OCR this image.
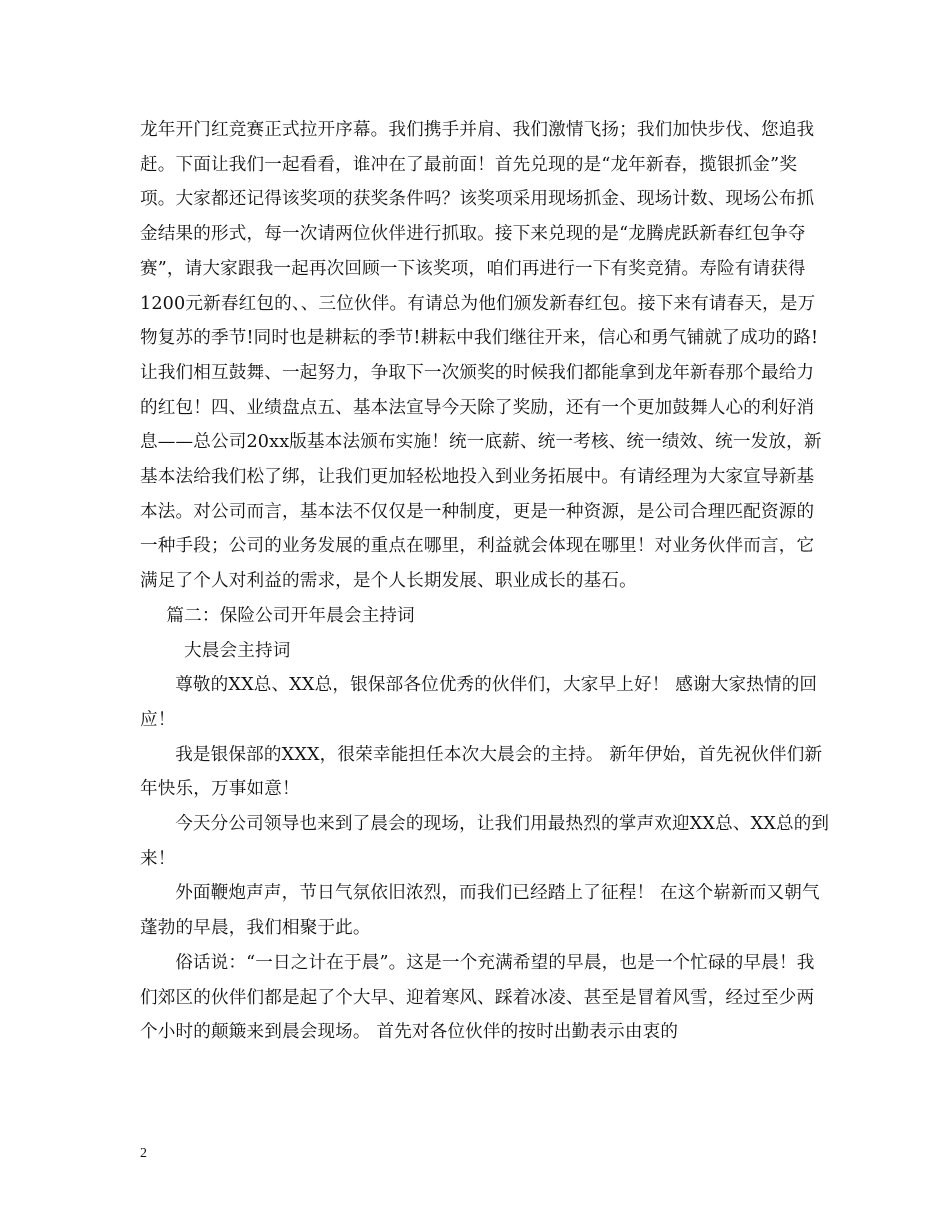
龙年开门红竞赛正式拉开序幕。我们携手并肩、我们激情飞扬；我们加快步伐、您追我赶。下面让我们一起看看，谁冲在了最前面！首先兑现的是“龙年新春，揽银抓金”奖项。大家都还记得该奖项的获奖条件吗？该奖项采用现场抓金、现场计数、现场公布抓金结果的形式，每一次请两位伙伴进行抓取。接下来兑现的是“龙腾虎跃新春红包争夺赛”，请大家跟我一起再次回顾一下该奖项，咱们再进行一下有奖竞猜。寿险有请获得1200元新春红包的、、三位伙伴。有请总为他们颁发新春红包。接下来有请春天，是万物复苏的季节!同时也是耕耘的季节!耕耘中我们继往开来，信心和勇气铺就了成功的路!让我们相互鼓舞、一起努力，争取下一次颁奖的时候我们都能拿到龙年新春那个最给力的红包！四、业绩盘点五、基本法宣导今天除了奖励，还有一个更加鼓舞人心的利好消息——总公司20xx版基本法颁布实施！统一底薪、统一考核、统一绩效、统一发放，新基本法给我们松了绑，让我们更加轻松地投入到业务拓展中。有请经理为大家宣导新基本法。对公司而言，基本法不仅仅是一种制度，更是一种资源，是公司合理匹配资源的一种手段；公司的业务发展的重点在哪里，利益就会体现在哪里！对业务伙伴而言，它满足了个人对利益的需求，是个人长期发展、职业成长的基石。

篇二：保险公司开年晨会主持词

大晨会主持词

尊敬的XX总、XX总，银保部各位优秀的伙伴们，大家早上好！ 感谢大家热情的回应！

我是银保部的XXX，很荣幸能担任本次大晨会的主持。 新年伊始，首先祝伙伴们新年快乐，万事如意！

今天分公司领导也来到了晨会的现场，让我们用最热烈的掌声欢迎XX总、XX总的到来！

外面鞭炮声声，节日气氛依旧浓烈，而我们已经踏上了征程！ 在这个崭新而又朝气蓬勃的早晨，我们相聚于此。

俗话说：“一日之计在于晨”。这是一个充满希望的早晨，也是一个忙碌的早晨！我们郊区的伙伴们都是起了个大早、迎着寒风、踩着冰凌、甚至是冒着风雪，经过至少两个小时的颠簸来到晨会现场。 首先对各位伙伴的按时出勤表示由衷的

2
